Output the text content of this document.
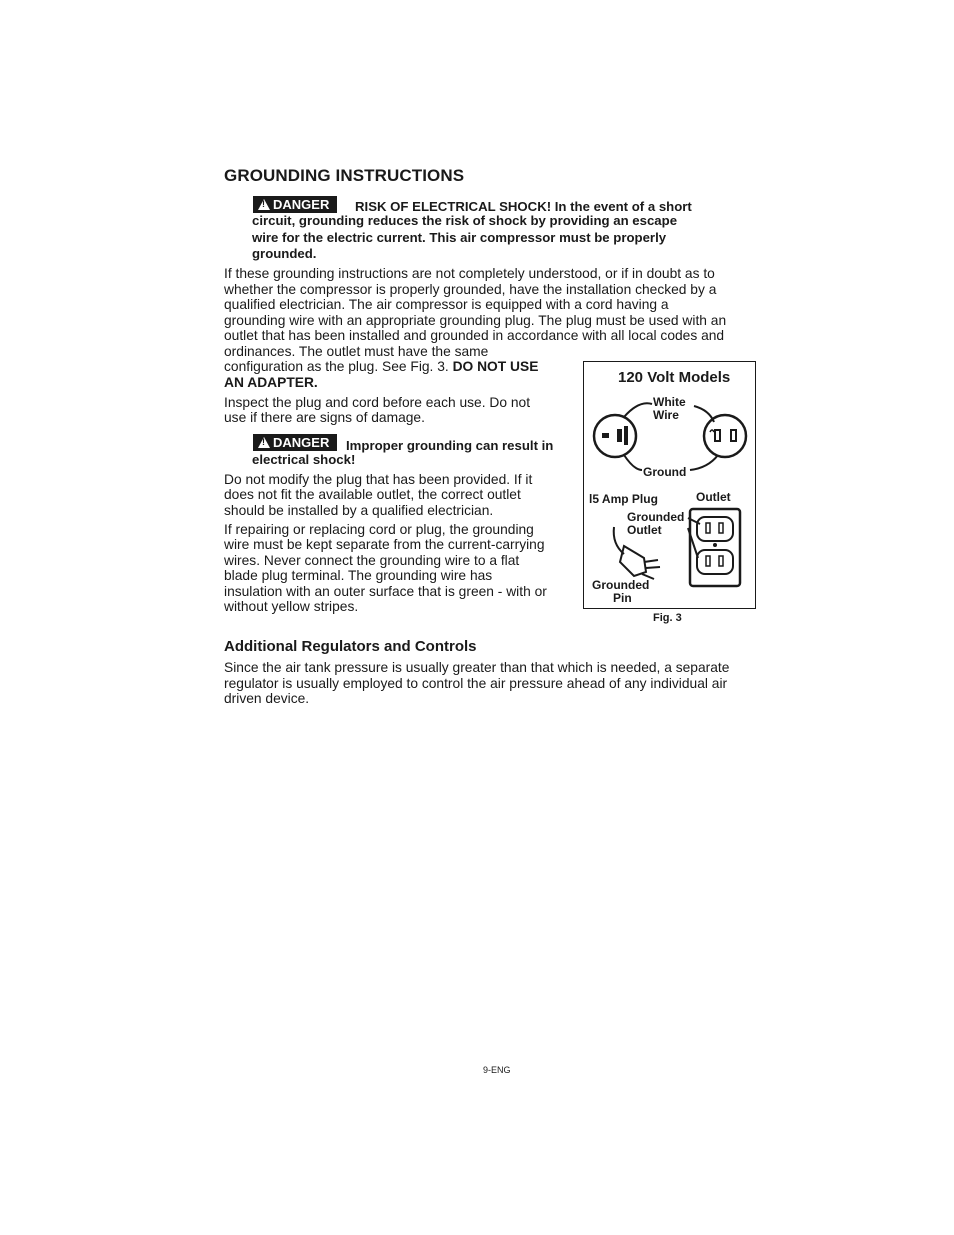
GROUNDING INSTRUCTIONS
!
DANGER RISK OF ELECTRICAL SHOCK! In the event of a short
circuit, grounding reduces the risk of shock by providing an escape
wire for the electric current. This air compressor must be properly
grounded.
If these grounding instructions are not completely understood, or if in doubt as to
whether the compressor is properly grounded, have the installation checked by a
qualified electrician. The air compressor is equipped with a cord having a
grounding wire with an appropriate grounding plug. The plug must be used with an
outlet that has been installed and grounded in accordance with all local codes and
ordinances. The outlet must have the same
configuration as the plug. See Fig. 3. DO NOT USE
AN ADAPTER.
Inspect the plug and cord before each use. Do not
use if there are signs of damage.
!
DANGER Improper grounding can result in
electrical shock!
Do not modify the plug that has been provided. If it
does not fit the available outlet, the correct outlet
should be installed by a qualified electrician.
If repairing or replacing cord or plug, the grounding
wire must be kept separate from the current-carrying
wires. Never connect the grounding wire to a flat
blade plug terminal. The grounding wire has
insulation with an outer surface that is green - with or
without yellow stripes.
120 Volt Models
White
Wire
Ground
l5 Amp Plug	Outlet
Grounded
Outlet
Grounded
Pin
Fig. 3
Additional Regulators and Controls
Since the air tank pressure is usually greater than that which is needed, a separate
regulator is usually employed to control the air pressure ahead of any individual air
driven device.
9-ENG
